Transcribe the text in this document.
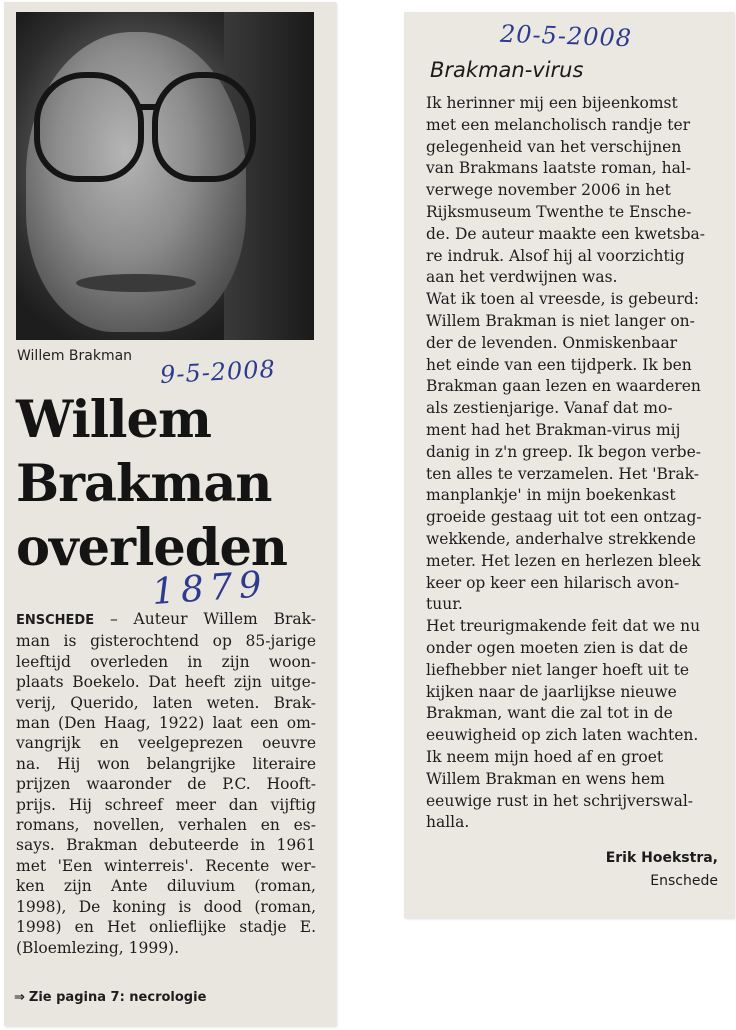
Willem Brakman 9-5-2008
Willem
Brakman
overleden
1879
ENSCHEDE – Auteur Willem Brak-
man is gisterochtend op 85-jarige
leeftijd overleden in zijn woon-
plaats Boekelo. Dat heeft zijn uitge-
verij, Querido, laten weten. Brak-
man (Den Haag, 1922) laat een om-
vangrijk en veelgeprezen oeuvre
na. Hij won belangrijke literaire
prijzen waaronder de P.C. Hooft-
prijs. Hij schreef meer dan vijftig
romans, novellen, verhalen en es-
says. Brakman debuteerde in 1961
met 'Een winterreis'. Recente wer-
ken zijn Ante diluvium (roman,
1998), De koning is dood (roman,
1998) en Het onlieflijke stadje E.
(Bloemlezing, 1999).
⇒ Zie pagina 7: necrologie
20-5-2008
Brakman-virus
Ik herinner mij een bijeenkomst
met een melancholisch randje ter
gelegenheid van het verschijnen
van Brakmans laatste roman, hal-
verwege november 2006 in het
Rijksmuseum Twenthe te Ensche-
de. De auteur maakte een kwetsba-
re indruk. Alsof hij al voorzichtig
aan het verdwijnen was.
Wat ik toen al vreesde, is gebeurd:
Willem Brakman is niet langer on-
der de levenden. Onmiskenbaar
het einde van een tijdperk. Ik ben
Brakman gaan lezen en waarderen
als zestienjarige. Vanaf dat mo-
ment had het Brakman-virus mij
danig in z'n greep. Ik begon verbe-
ten alles te verzamelen. Het 'Brak-
manplankje' in mijn boekenkast
groeide gestaag uit tot een ontzag-
wekkende, anderhalve strekkende
meter. Het lezen en herlezen bleek
keer op keer een hilarisch avon-
tuur.
Het treurigmakende feit dat we nu
onder ogen moeten zien is dat de
liefhebber niet langer hoeft uit te
kijken naar de jaarlijkse nieuwe
Brakman, want die zal tot in de
eeuwigheid op zich laten wachten.
Ik neem mijn hoed af en groet
Willem Brakman en wens hem
eeuwige rust in het schrijverswal-
halla.
Erik Hoekstra,
Enschede
